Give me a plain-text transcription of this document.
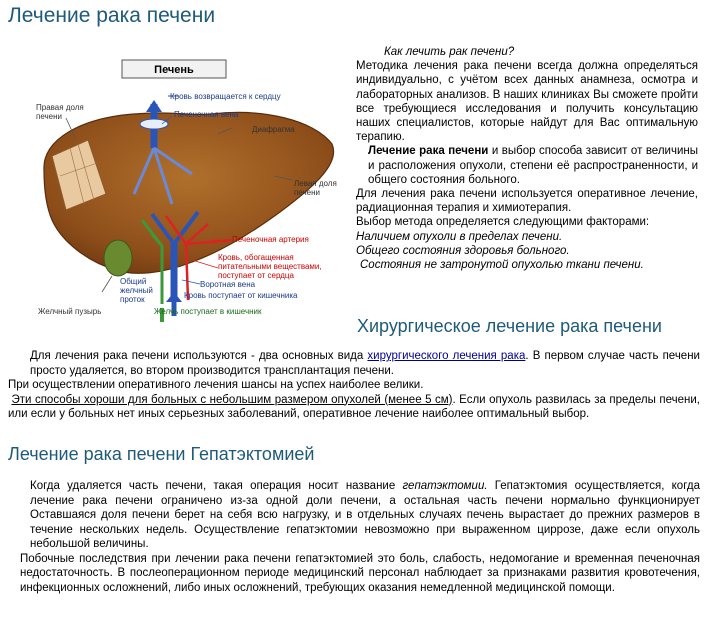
Лечение рака печени
Печень
Кровь возвращается к сердцу
Печеночная вена
Диафрагма
Правая доля
печени
Левая доля
печени
Печеночная артерия
Кровь, обогащенная
питательными веществами,
поступает от сердца
Воротная вена
Кровь поступает от кишечника
Общий
желчный
проток
Желчный пузырь	Желчь поступает в кишечник

Как лечить рак печени?

Методика лечения рака печени всегда должна определяться индивидуально, с учётом всех данных анамнеза, осмотра и лабораторных анализов. В наших клиниках Вы сможете пройти все требующиеся исследования и получить консультацию наших специалистов, которые найдут для Вас оптимальную терапию.

Лечение рака печени и выбор способа зависит от величины и расположения опухоли, степени её распространенности, и общего состояния больного.

Для лечения рака печени используется оперативное лечение, радиационная терапия и химиотерапия.

Выбор метода определяется следующими факторами:

Наличием опухоли в пределах печени.

Общего состояния здоровья больного.

Состояния не затронутой опухолью ткани печени.

Хирургическое лечение рака печени

Для лечения рака печени используются - два основных вида хирургического лечения рака. В первом случае часть печени просто удаляется, во втором производится трансплантация печени.

При осуществлении оперативного лечения шансы на успех наиболее велики.

Эти способы хороши для больных с небольшим размером опухолей (менее 5 см). Если опухоль развилась за пределы печени, или если у больных нет иных серьезных заболеваний, оперативное лечение наиболее оптимальный выбор.

Лечение рака печени Гепатэктомией

Когда удаляется часть печени, такая операция носит название гепатэктомии. Гепатэктомия осуществляется, когда лечение рака печени ограничено из-за одной доли печени, а остальная часть печени нормально функционирует Оставшаяся доля печени берет на себя всю нагрузку, и в отдельных случаях печень вырастает до прежних размеров в течение нескольких недель. Осуществление гепатэктомии невозможно при выраженном циррозе, даже если опухоль небольшой величины.

Побочные последствия при лечении рака печени гепатэктомией это боль, слабость, недомогание и временная печеночная недостаточность. В послеоперационном периоде медицинский персонал наблюдает за признаками развития кровотечения, инфекционных осложнений, либо иных осложнений, требующих оказания немедленной медицинской помощи.
